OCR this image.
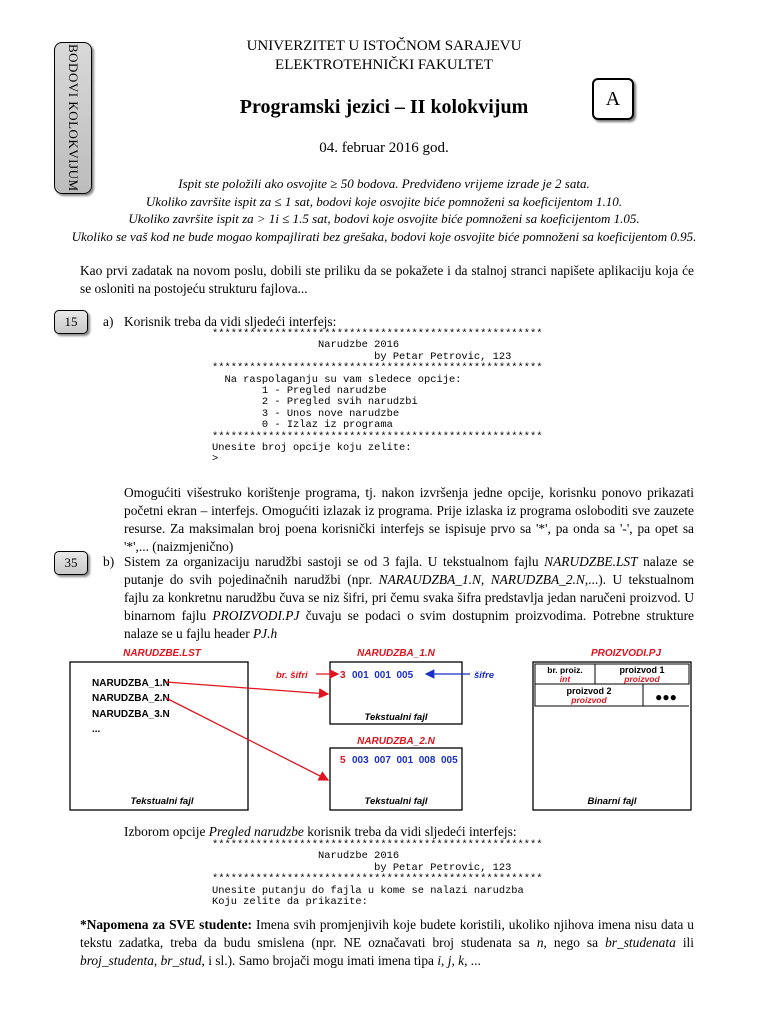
BODOVI KOLOKVIJUM	UNIVERZITET U ISTOČNOM SARAJEVU
ELEKTROTEHNIČKI FAKULTET
Programski jezici – II kolokvijum	A
04. februar 2016 god.
Ispit ste položili ako osvojite ≥ 50 bodova. Predviđeno vrijeme izrade je 2 sata.
Ukoliko završite ispit za ≤ 1 sat, bodovi koje osvojite biće pomnoženi sa koeficijentom 1.10.
Ukoliko završite ispit za > 1i ≤ 1.5 sat, bodovi koje osvojite biće pomnoženi sa koeficijentom 1.05.
Ukoliko se vaš kod ne bude mogao kompajlirati bez grešaka, bodovi koje osvojite biće pomnoženi sa koeficijentom 0.95.
Kao prvi zadatak na novom poslu, dobili ste priliku da se pokažete i da stalnoj stranci napišete aplikaciju koja će se osloniti na postojeću strukturu fajlova...
15	a) Korisnik treba da vidi sljedeći interfejs:
*****************************************************
Narudzbe 2016
by Petar Petrovic, 123
*****************************************************
Na raspolaganju su vam sledece opcije:
1 - Pregled narudzbe
2 - Pregled svih narudzbi
3 - Unos nove narudzbe
0 - Izlaz iz programa
*****************************************************
Unesite broj opcije koju zelite:
>
Omogućiti višestruko korištenje programa, tj. nakon izvršenja jedne opcije, korisnku ponovo prikazati početni ekran – interfejs. Omogućiti izlazak iz programa. Prije izlaska iz programa osloboditi sve zauzete resurse. Za maksimalan broj poena korisnički interfejs se ispisuje prvo sa '*', pa onda sa '-', pa opet sa '*',... (naizmjenično)
35	b) Sistem za organizaciju narudžbi sastoji se od 3 fajla. U tekstualnom fajlu NARUDZBE.LST nalaze se putanje do svih pojedinačnih narudžbi (npr. NARAUDZBA_1.N, NARUDZBA_2.N,...). U tekstualnom fajlu za konkretnu narudžbu čuva se niz šifri, pri čemu svaka šifra predstavlja jedan naručeni proizvod. U binarnom fajlu PROIZVODI.PJ čuvaju se podaci o svim dostupnim proizvodima. Potrebne strukture nalaze se u fajlu header PJ.h
NARUDZBE.LST
NARUDZBA_1.N
NARUDZBA_2.N
NARUDZBA_3.N
...
Tekstualni fajl
NARUDZBA_1.N
3 001  001  005
Tekstualni fajl
NARUDZBA_2.N
5 003  007  001  008  005
Tekstualni fajl
br. šifri	šifre
PROIZVODI.PJ
br. proiz.
int
proizvod 1
proizvod
proizvod 2
proizvod	●●●
Binarni fajl
Izborom opcije Pregled narudzbe korisnik treba da vidi sljedeći interfejs:
*****************************************************
Narudzbe 2016
by Petar Petrovic, 123
*****************************************************
Unesite putanju do fajla u kome se nalazi narudzba
Koju zelite da prikazite:
*Napomena za SVE studente: Imena svih promjenjivih koje budete koristili, ukoliko njihova imena nisu data u tekstu zadatka, treba da budu smislena (npr. NE označavati broj studenata sa n, nego sa br_studenata ili broj_studenta, br_stud, i sl.). Samo brojači mogu imati imena tipa i, j, k, ...
